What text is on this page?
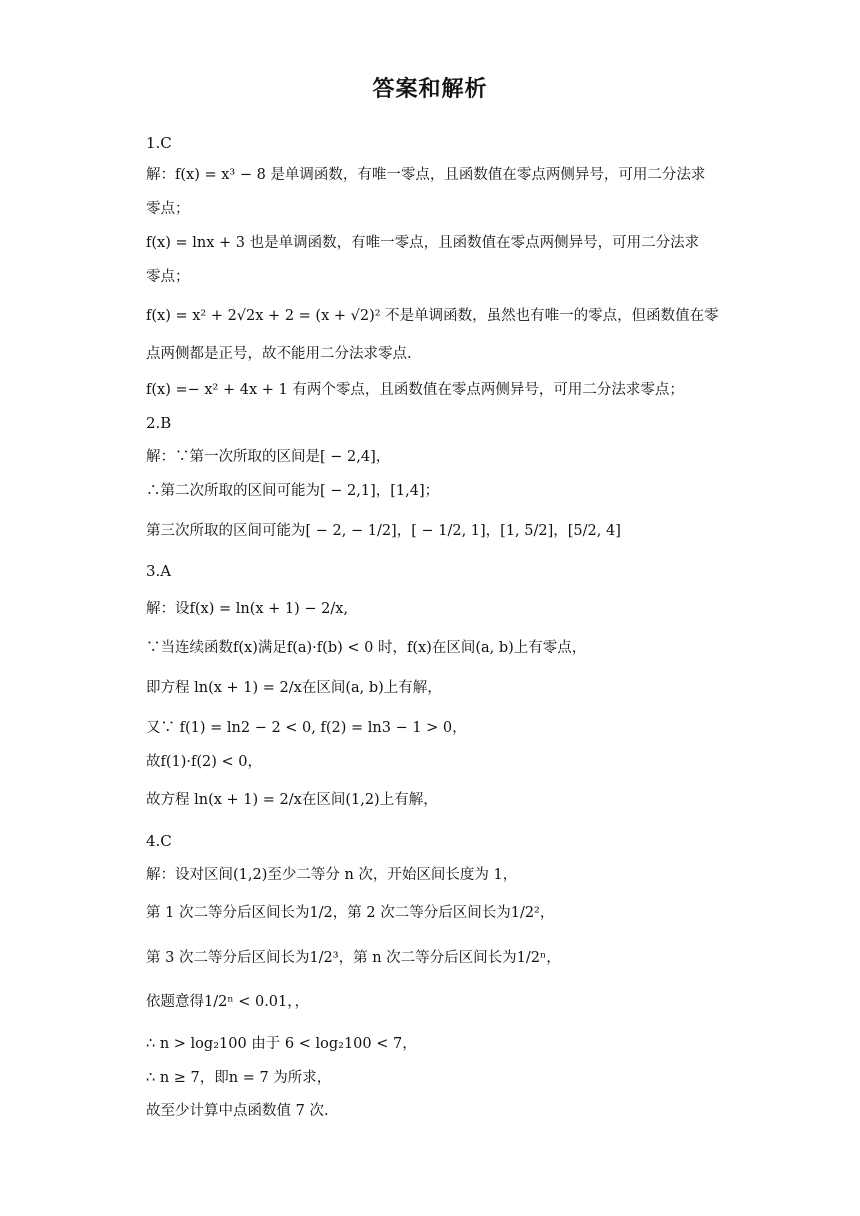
答案和解析
1.C
解：f(x) = x³ − 8 是单调函数，有唯一零点，且函数值在零点两侧异号，可用二分法求
零点；
f(x) = lnx + 3 也是单调函数，有唯一零点，且函数值在零点两侧异号，可用二分法求
零点；
f(x) = x² + 2√2x + 2 = (x + √2)² 不是单调函数，虽然也有唯一的零点，但函数值在零
点两侧都是正号，故不能用二分法求零点.
f(x) =− x² + 4x + 1 有两个零点，且函数值在零点两侧异号，可用二分法求零点；
2.B
解：∵第一次所取的区间是[ − 2,4]，
∴第二次所取的区间可能为[ − 2,1]，[1,4]；
第三次所取的区间可能为[ − 2, − 1/2]，[ − 1/2, 1]，[1, 5/2]，[5/2, 4]
3.A
解：设f(x) = ln(x + 1) − 2/x,
∵当连续函数f(x)满足f(a)·f(b) < 0 时，f(x)在区间(a, b)上有零点，
即方程 ln(x + 1) = 2/x在区间(a, b)上有解，
又∵ f(1) = ln2 − 2 < 0, f(2) = ln3 − 1 > 0，
故f(1)·f(2) < 0，
故方程 ln(x + 1) = 2/x在区间(1,2)上有解，
4.C
解：设对区间(1,2)至少二等分 n 次，开始区间长度为 1，
第 1 次二等分后区间长为1/2，第 2 次二等分后区间长为1/2²，
第 3 次二等分后区间长为1/2³，第 n 次二等分后区间长为1/2ⁿ，
依题意得1/2ⁿ < 0.01，，
∴ n > log₂100 由于 6 < log₂100 < 7，
∴ n ≥ 7，即n = 7 为所求，
故至少计算中点函数值 7 次.
